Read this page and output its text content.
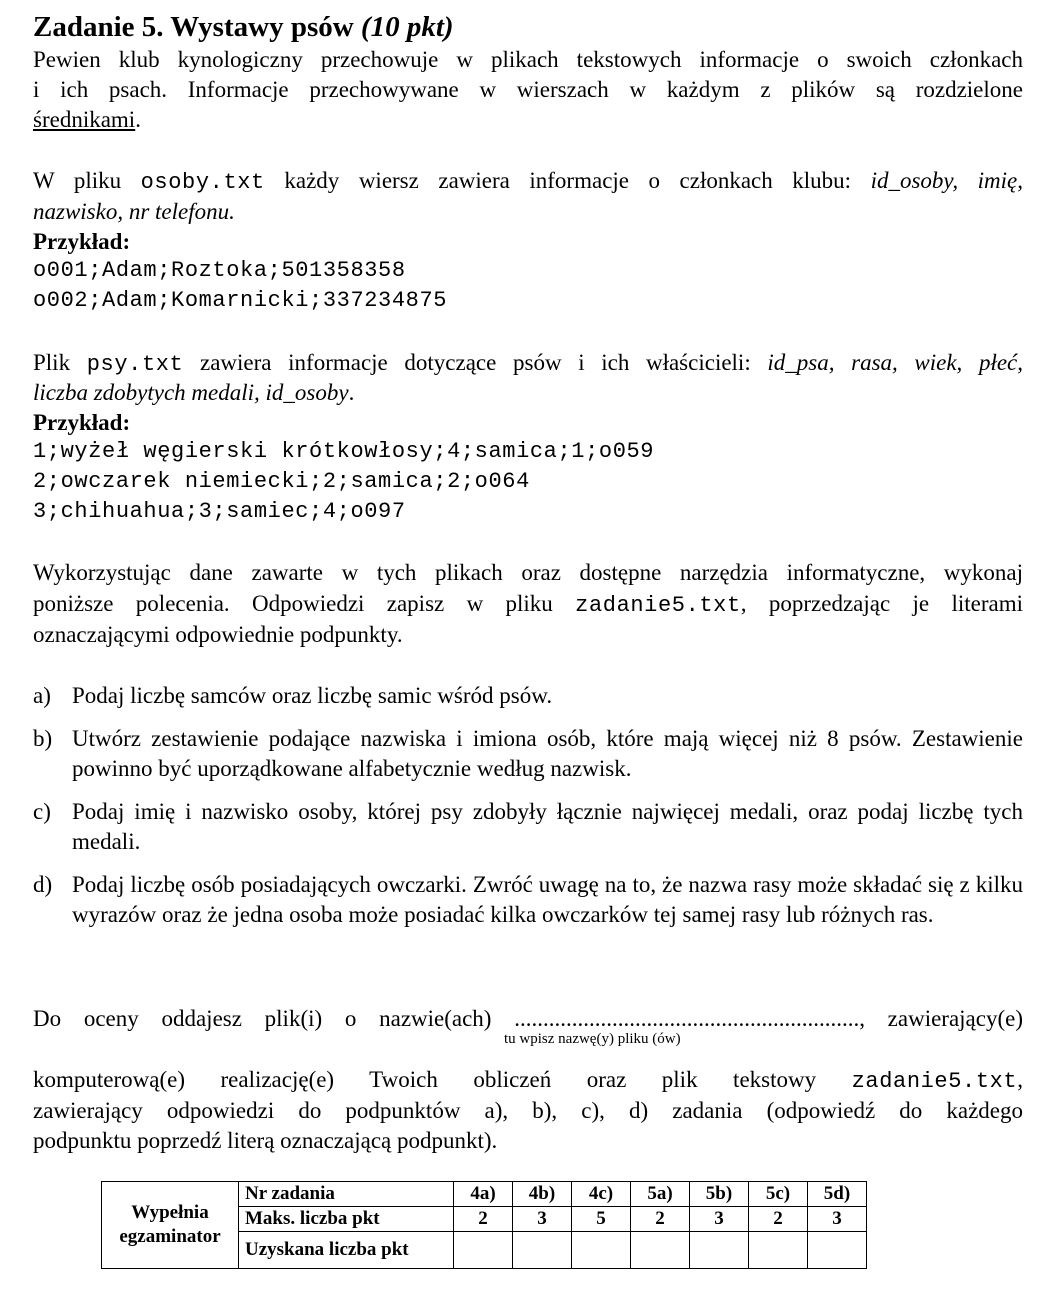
Zadanie 5. Wystawy psów (10 pkt)
Pewien klub kynologiczny przechowuje w plikach tekstowych informacje o swoich członkach
i ich psach. Informacje przechowywane w wierszach w każdym z plików są rozdzielone
średnikami.
W pliku osoby.txt każdy wiersz zawiera informacje o członkach klubu: id_osoby, imię,
nazwisko, nr telefonu.
Przykład:
o001;Adam;Roztoka;501358358
o002;Adam;Komarnicki;337234875
Plik psy.txt zawiera informacje dotyczące psów i ich właścicieli: id_psa, rasa, wiek, płeć,
liczba zdobytych medali, id_osoby.
Przykład:
1;wyżeł węgierski krótkowłosy;4;samica;1;o059
2;owczarek niemiecki;2;samica;2;o064
3;chihuahua;3;samiec;4;o097
Wykorzystując dane zawarte w tych plikach oraz dostępne narzędzia informatyczne, wykonaj
poniższe polecenia. Odpowiedzi zapisz w pliku zadanie5.txt, poprzedzając je literami
oznaczającymi odpowiednie podpunkty.
a) Podaj liczbę samców oraz liczbę samic wśród psów.
b) Utwórz zestawienie podające nazwiska i imiona osób, które mają więcej niż 8 psów. Zestawienie powinno być uporządkowane alfabetycznie według nazwisk.
c) Podaj imię i nazwisko osoby, której psy zdobyły łącznie najwięcej medali, oraz podaj liczbę tych medali.
d) Podaj liczbę osób posiadających owczarki. Zwróć uwagę na to, że nazwa rasy może składać się z kilku wyrazów oraz że jedna osoba może posiadać kilka owczarków tej samej rasy lub różnych ras.
Do oceny oddajesz plik(i) o nazwie(ach) ............................................................, zawierający(e)
tu wpisz nazwę(y) pliku (ów)
komputerową(e) realizację(e) Twoich obliczeń oraz plik tekstowy zadanie5.txt,
zawierający odpowiedzi do podpunktów a), b), c), d) zadania (odpowiedź do każdego
podpunktu poprzedź literą oznaczającą podpunkt).
Wypełnia
egzaminator	Nr zadania	4a)	4b)	4c)	5a)	5b)	5c)	5d)
	Maks. liczba pkt	2	3	5	2	3	2	3
	Uzyskana liczba pkt							
